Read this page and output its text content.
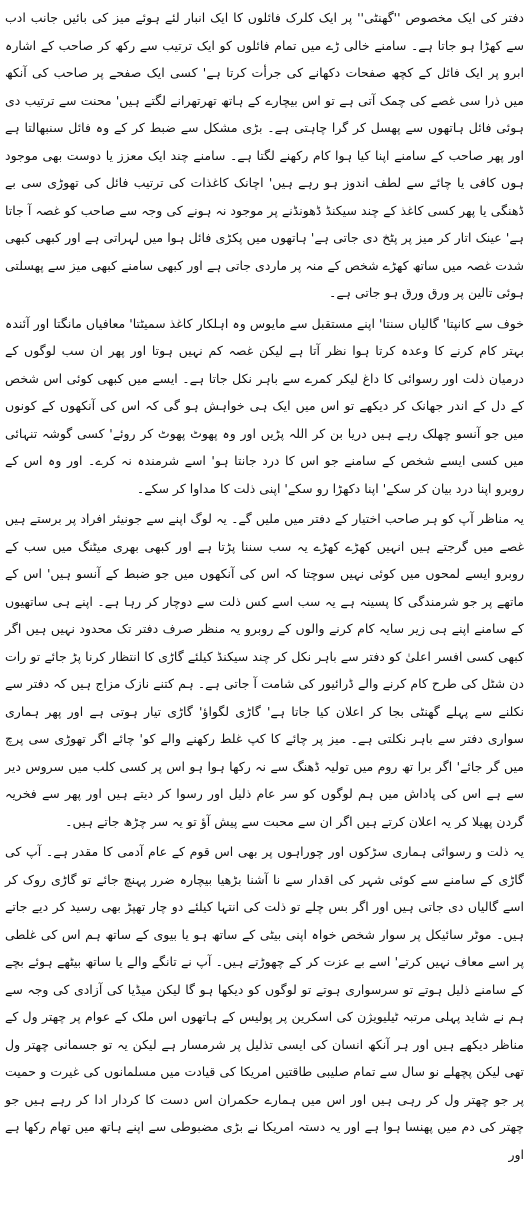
دفتر کی ایک مخصوص ''گھنٹی'' پر ایک کلرک فائلوں کا ایک انبار لئے ہوئے میز کی بائیں جانب ادب سے کھڑا ہو جاتا ہے۔ سامنے خالی ڑے میں تمام فائلوں کو ایک ترتیب سے رکھ کر صاحب کے اشارہ ابرو پر ایک فائل کے کچھ صفحات دکھانے کی جرأت کرتا ہے' کسی ایک صفحے پر صاحب کی آنکھ میں ذرا سی غصے کی چمک آتی ہے تو اس بیچارے کے ہاتھ تھرتھرانے لگتے ہیں' محنت سے ترتیب دی ہوئی فائل ہاتھوں سے پھسل کر گرا چاہتی ہے۔ بڑی مشکل سے ضبط کر کے وہ فائل سنبھالتا ہے اور پھر صاحب کے سامنے اپنا کیا ہوا کام رکھنے لگتا ہے۔ سامنے چند ایک معزز یا دوست بھی موجود ہوں کافی یا چائے سے لطف اندوز ہو رہے ہیں' اچانک کاغذات کی ترتیب فائل کی تھوڑی سی بے ڈھنگی یا پھر کسی کاغذ کے چند سیکنڈ ڈھونڈنے پر موجود نہ ہونے کی وجہ سے صاحب کو غصہ آ جاتا ہے' عینک اتار کر میز پر پٹخ دی جاتی ہے' ہاتھوں میں پکڑی فائل ہوا میں لہراتی ہے اور کبھی کبھی شدت غصہ میں ساتھ کھڑے شخص کے منہ پر ماردی جاتی ہے اور کبھی سامنے کبھی میز سے پھسلتی ہوئی تالین پر ورق ورق ہو جاتی ہے۔

خوف سے کانپتا' گالیاں سنتا' اپنے مستقبل سے مایوس وہ اہلکار کاغذ سمیٹتا' معافیاں مانگتا اور آئندہ بہتر کام کرنے کا وعدہ کرتا ہوا نظر آتا ہے لیکن غصہ کم نہیں ہوتا اور پھر ان سب لوگوں کے درمیان ذلت اور رسوائی کا داغ لیکر کمرے سے باہر نکل جاتا ہے۔ ایسے میں کبھی کوئی اس شخص کے دل کے اندر جھانک کر دیکھے تو اس میں ایک ہی خواہش ہو گی کہ اس کی آنکھوں کے کونوں میں جو آنسو چھلک رہے ہیں دریا بن کر اللہ پڑیں اور وہ پھوٹ پھوٹ کر روئے' کسی گوشہ تنہائی میں کسی ایسے شخص کے سامنے جو اس کا درد جانتا ہو' اسے شرمندہ نہ کرے۔ اور وہ اس کے روبرو اپنا درد بیان کر سکے' اپنا دکھڑا رو سکے' اپنی ذلت کا مداوا کر سکے۔

یہ مناظر آپ کو ہر صاحب اختیار کے دفتر میں ملیں گے۔ یہ لوگ اپنے سے جونیئر افراد پر برستے ہیں غصے میں گرجتے ہیں انہیں کھڑے کھڑے یہ سب سننا پڑتا ہے اور کبھی بھری میٹنگ میں سب کے روبرو ایسے لمحوں میں کوئی نہیں سوچتا کہ اس کی آنکھوں میں جو ضبط کے آنسو ہیں' اس کے ماتھے پر جو شرمندگی کا پسینہ ہے یہ سب اسے کس ذلت سے دوچار کر رہا ہے۔ اپنے ہی ساتھیوں کے سامنے اپنے ہی زیر سایہ کام کرنے والوں کے روبرو یہ منظر صرف دفتر تک محدود نہیں ہیں اگر کبھی کسی افسر اعلیٰ کو دفتر سے باہر نکل کر چند سیکنڈ کیلئے گاڑی کا انتظار کرنا پڑ جائے تو رات دن شٹل کی طرح کام کرنے والے ڈرائیور کی شامت آ جاتی ہے۔ ہم کتنے نازک مزاج ہیں کہ دفتر سے نکلنے سے پہلے گھنٹی بجا کر اعلان کیا جاتا ہے' گاڑی لگواؤ' گاڑی تیار ہوتی ہے اور پھر ہماری سواری دفتر سے باہر نکلتی ہے۔ میز پر چائے کا کپ غلط رکھنے والے کو' چائے اگر تھوڑی سی پرچ میں گر جائے' اگر برا تھ روم میں تولیہ ڈھنگ سے نہ رکھا ہوا ہو اس پر کسی کلب میں سروس دیر سے ہے اس کی پاداش میں ہم لوگوں کو سر عام ذلیل اور رسوا کر دیتے ہیں اور پھر سے فخریہ گردن پھیلا کر یہ اعلان کرتے ہیں اگر ان سے محبت سے پیش آؤ تو یہ سر چڑھ جاتے ہیں۔

یہ ذلت و رسوائی ہماری سڑکوں اور چوراہوں پر بھی اس قوم کے عام آدمی کا مقدر ہے۔ آپ کی گاڑی کے سامنے سے کوئی شہر کی اقدار سے نا آشنا بڑھیا بیچارہ ضرر پہنچ جائے تو گاڑی روک کر اسے گالیاں دی جاتی ہیں اور اگر بس چلے تو ذلت کی انتہا کیلئے دو چار تھپڑ بھی رسید کر دیے جاتے ہیں۔ موٹر سائیکل پر سوار شخص خواہ اپنی بیٹی کے ساتھ ہو یا بیوی کے ساتھ ہم اس کی غلطی پر اسے معاف نہیں کرتے' اسے بے عزت کر کے چھوڑتے ہیں۔ آپ نے تانگے والے یا ساتھ بیٹھے ہوئے بچے کے سامنے ذلیل ہوتے تو سرسواری ہوتے تو لوگوں کو دیکھا ہو گا لیکن میڈیا کی آزادی کی وجہ سے ہم نے شاید پہلی مرتبہ ٹیلیویژن کی اسکرین پر پولیس کے ہاتھوں اس ملک کے عوام پر چھتر ول کے مناظر دیکھے ہیں اور ہر آنکھ انسان کی ایسی تذلیل پر شرمسار ہے لیکن یہ تو جسمانی چھتر ول تھی لیکن پچھلے نو سال سے تمام صلیبی طاقتیں امریکا کی قیادت میں مسلمانوں کی غیرت و حمیت پر جو چھتر ول کر رہی ہیں اور اس میں ہمارے حکمران اس دست کا کردار ادا کر رہے ہیں جو چھتر کی دم میں پھنسا ہوا ہے اور یہ دستہ امریکا نے بڑی مضبوطی سے اپنے ہاتھ میں تھام رکھا ہے اور
